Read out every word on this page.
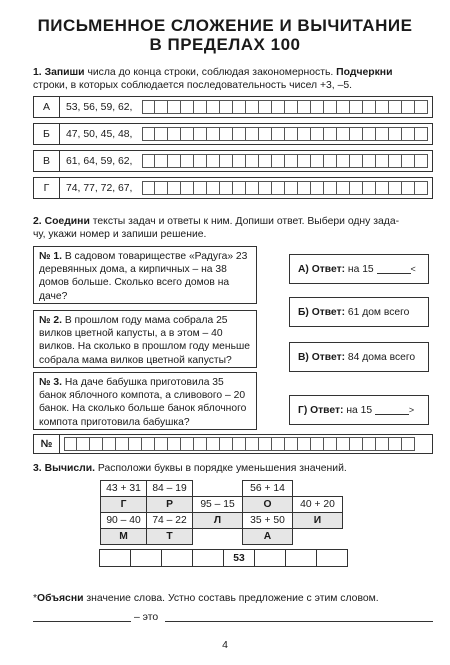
ПИСЬМЕННОЕ СЛОЖЕНИЕ И ВЫЧИТАНИЕ
В ПРЕДЕЛАХ 100
1. Запиши числа до конца строки, соблюдая закономерность. Подчеркни
строки, в которых соблюдается последовательность чисел +3, –5.
А	53, 56, 59, 62,
Б	47, 50, 45, 48,
В	61, 64, 59, 62,
Г	74, 77, 72, 67,
2. Соедини тексты задач и ответы к ним. Допиши ответ. Выбери одну зада-
чу, укажи номер и запиши решение.
№ 1. В садовом товариществе «Радуга» 23 деревянных дома, а кирпичных – на 38 домов больше. Сколько всего домов на даче?
№ 2. В прошлом году мама собрала 25 вилков цветной капусты, а в этом – 40 вилков. На сколько в прошлом году меньше собрала мама вилков цветной капусты?
№ 3. На даче бабушка приготовила 35 банок яблочного компота, а сливового – 20 банок. На сколько больше банок яблочного компота приготовила бабушка?
А) Ответ:
на 15
	<
Б) Ответ:
61 дом всего
В) Ответ:
84 дома всего
Г) Ответ:
на 15
	>
№
3. Вычисли. Расположи буквы в порядке уменьшения значений.
43 + 31	84 – 19		56 + 14	
Г	Р	95 – 15	О	40 + 20
90 – 40	74 – 22	Л	35 + 50	И
М	Т		А	
53
*Объясни значение слова. Устно составь предложение с этим словом.
– это
4
